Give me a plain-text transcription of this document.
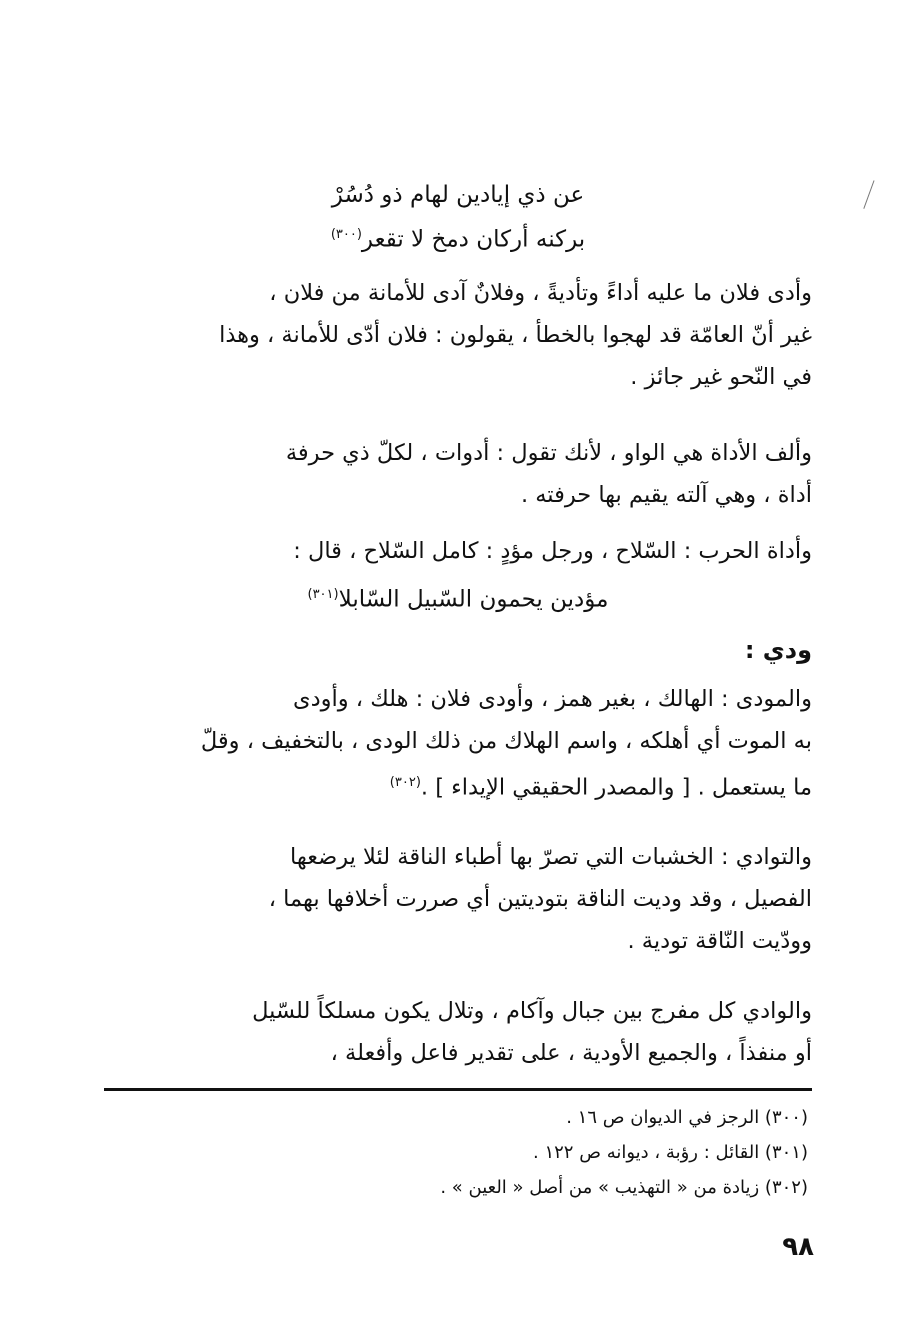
عن ذي إيادين لهام ذو دُسُرْ
بركنه أركان دمخ لا تقعر$^{(٣٠٠)}$
وأدى فلان ما عليه أداءً وتأديةً ، وفلانٌ آدى للأمانة من فلان ،
غير أنّ العامّة قد لهجوا بالخطأ ، يقولون : فلان أدّى للأمانة ، وهذا
في النّحو غير جائز .
وألف الأداة هي الواو ، لأنك تقول : أدوات ، لكلّ ذي حرفة
أداة ، وهي آلته يقيم بها حرفته .
وأداة الحرب : السّلاح ، ورجل مؤدٍ : كامل السّلاح ، قال :
مؤدين يحمون السّبيل السّابلا$^{(٣٠١)}$
ودي :
والمودى : الهالك ، بغير همز ، وأودى فلان : هلك ، وأودى
به الموت أي أهلكه ، واسم الهلاك من ذلك الودى ، بالتخفيف ، وقلّ
ما يستعمل . [ والمصدر الحقيقي الإيداء ] .$^{(٣٠٢)}$
والتوادي : الخشبات التي تصرّ بها أطباء الناقة لئلا يرضعها
الفصيل ، وقد وديت الناقة بتوديتين أي صررت أخلافها بهما ،
وودّيت النّاقة تودية .
والوادي كل مفرج بين جبال وآكام ، وتلال يكون مسلكاً للسّيل
أو منفذاً ، والجميع الأودية ، على تقدير فاعل وأفعلة ،
(٣٠٠) الرجز في الديوان ص ١٦ .
(٣٠١) القائل : رؤبة ، ديوانه ص ١٢٢ .
(٣٠٢) زيادة من « التهذيب » من أصل « العين » .
٩٨
